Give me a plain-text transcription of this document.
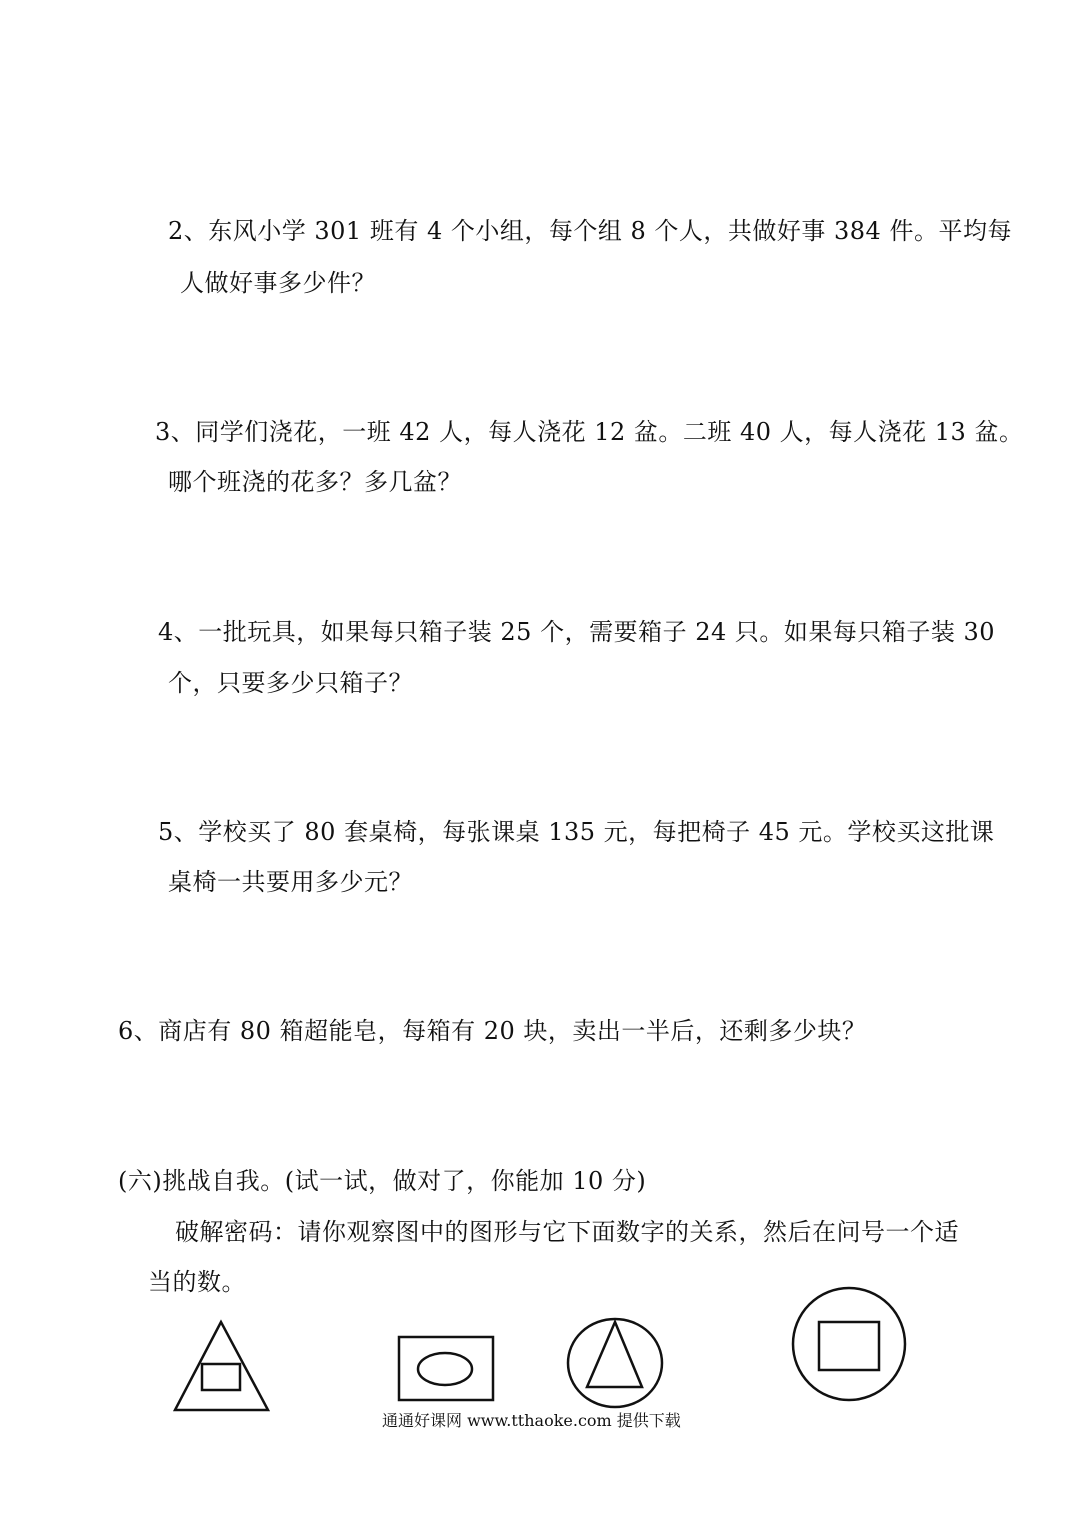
2、东风小学 301 班有 4 个小组，每个组 8 个人，共做好事 384 件。平均每
人做好事多少件？
3、同学们浇花，一班 42 人，每人浇花 12 盆。二班 40 人，每人浇花 13 盆。
哪个班浇的花多？多几盆？
4、一批玩具，如果每只箱子装 25 个，需要箱子 24 只。如果每只箱子装 30
个，只要多少只箱子？
5、学校买了 80 套桌椅，每张课桌 135 元，每把椅子 45 元。学校买这批课
桌椅一共要用多少元？
6、商店有 80 箱超能皂，每箱有 20 块，卖出一半后，还剩多少块？
(六)挑战自我。(试一试，做对了，你能加 10 分)
破解密码：请你观察图中的图形与它下面数字的关系，然后在问号一个适
当的数。
通通好课网 www.tthaoke.com 提供下载
